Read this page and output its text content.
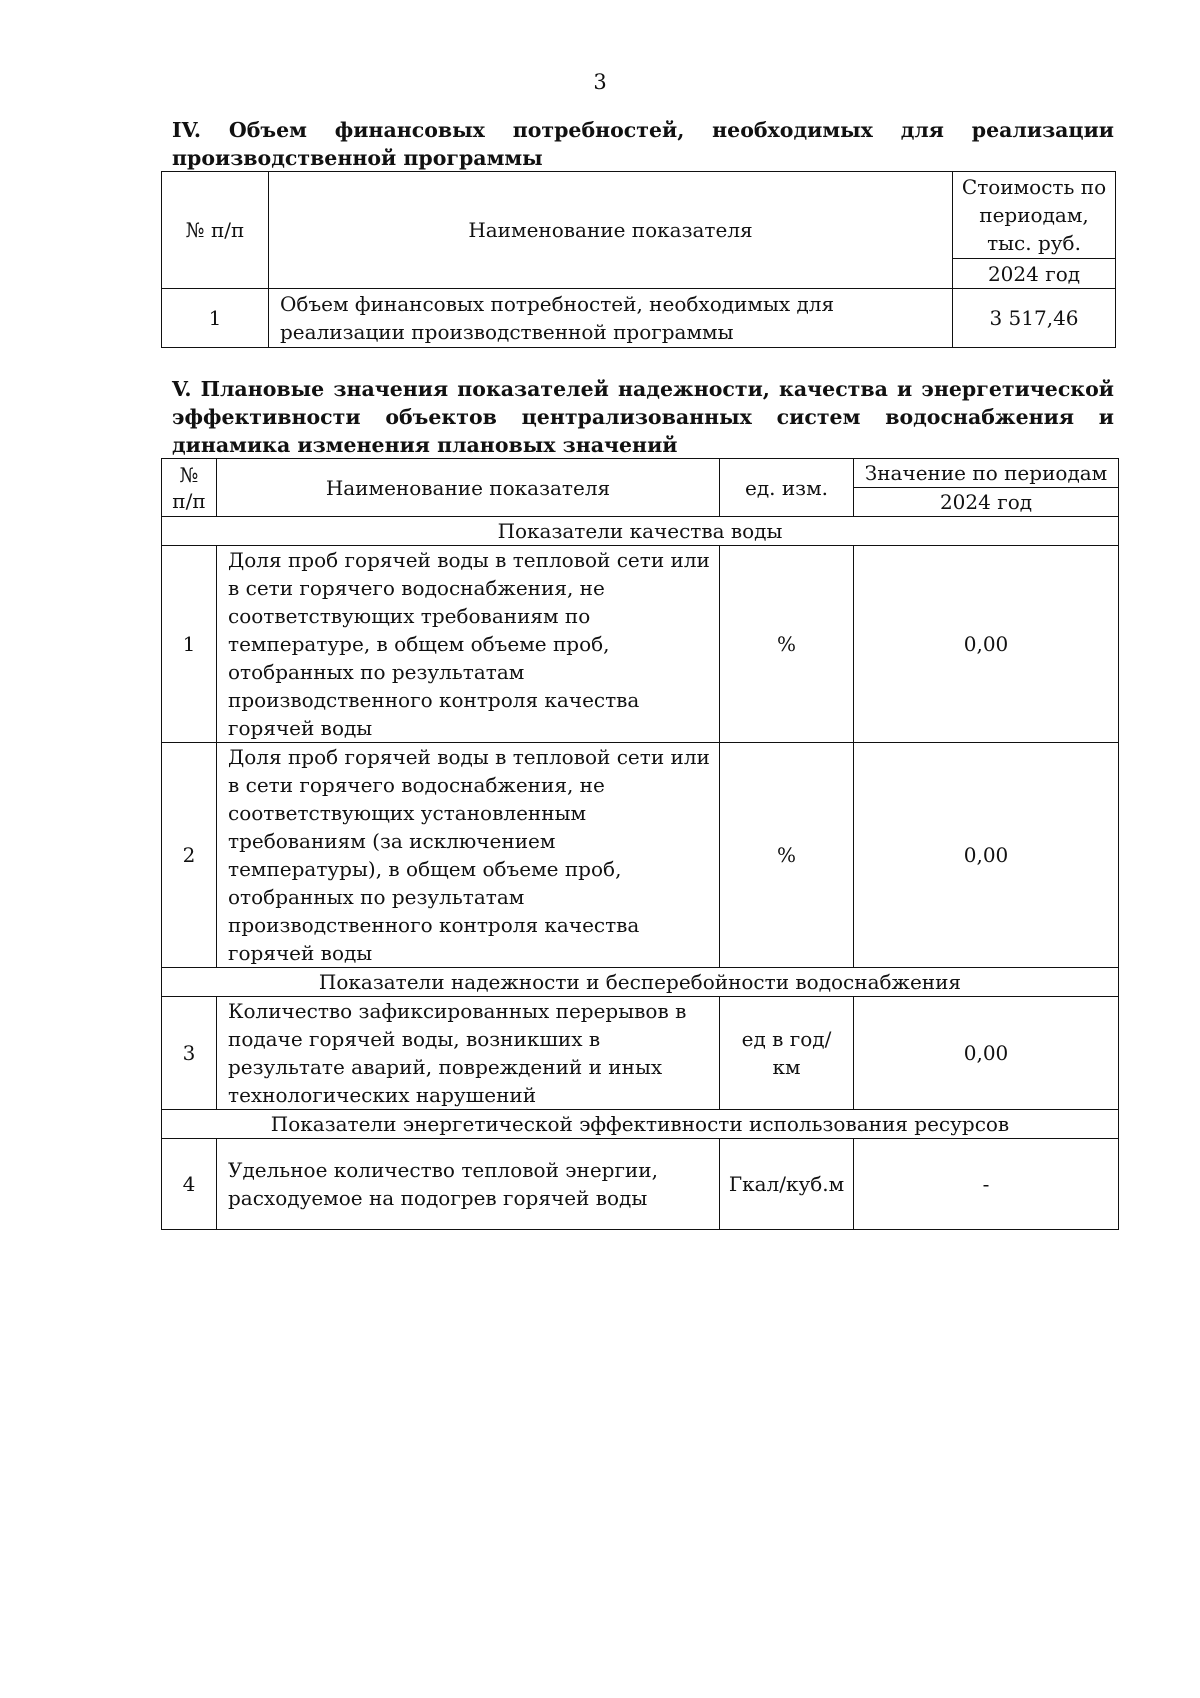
3
IV. Объем финансовых потребностей, необходимых для реализации производственной программы
№ п/п	Наименование показателя	Стоимость по периодам, тыс. руб.
		2024 год
1	Объем финансовых потребностей, необходимых для реализации производственной программы	3 517,46
V. Плановые значения показателей надежности, качества и энергетической эффективности объектов централизованных систем водоснабжения и динамика изменения плановых значений
№ п/п	Наименование показателя	ед. изм.	Значение по периодам
			2024 год
Показатели качества воды			
1	Доля проб горячей воды в тепловой сети или в сети горячего водоснабжения, не соответствующих требованиям по температуре, в общем объеме проб, отобранных по результатам производственного контроля качества горячей воды	%	0,00
2	Доля проб горячей воды в тепловой сети или в сети горячего водоснабжения, не соответствующих установленным требованиям (за исключением температуры), в общем объеме проб, отобранных по результатам производственного контроля качества горячей воды	%	0,00
Показатели надежности и бесперебойности водоснабжения			
3	Количество зафиксированных перерывов в подаче горячей воды, возникших в результате аварий, повреждений и иных технологических нарушений	ед в год/ км	0,00
Показатели энергетической эффективности использования ресурсов			
4	Удельное количество тепловой энергии, расходуемое на подогрев горячей воды	Гкал/куб.м	-
